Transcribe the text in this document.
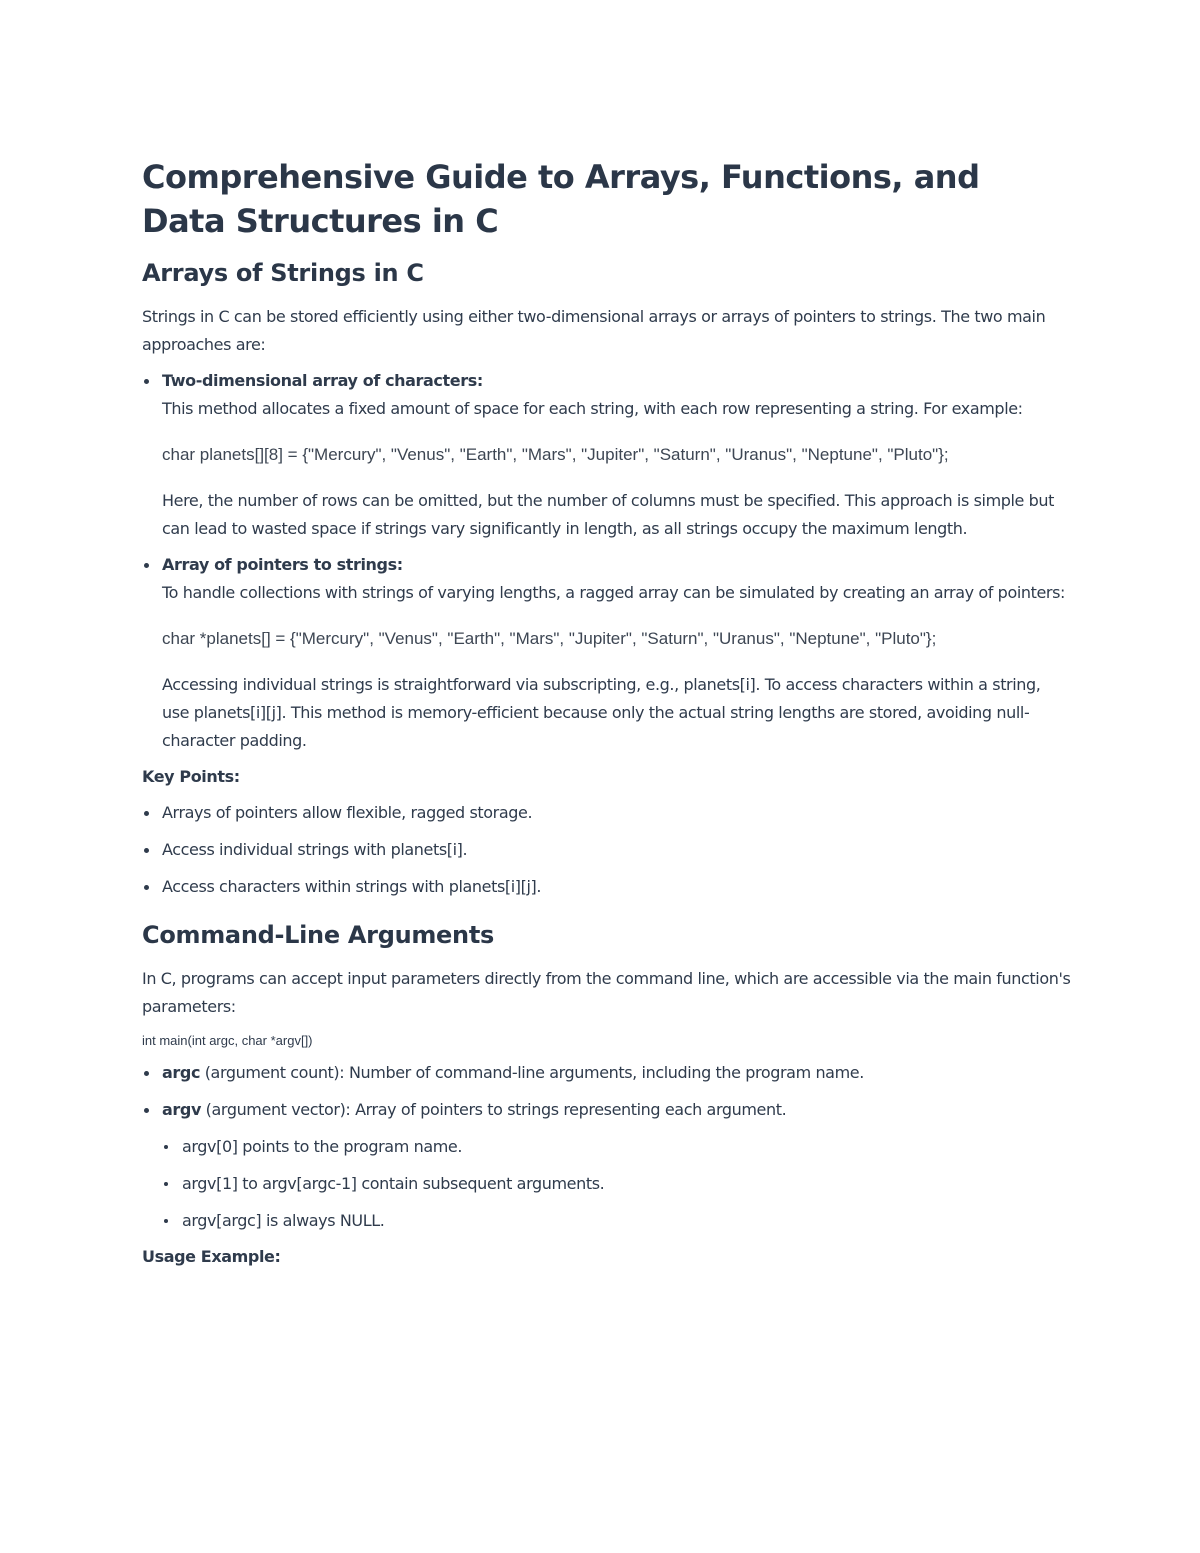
Comprehensive Guide to Arrays, Functions, and Data Structures in C
Arrays of Strings in C

Strings in C can be stored efficiently using either two-dimensional arrays or arrays of pointers to strings. The two main approaches are:

Two-dimensional array of characters:
This method allocates a fixed amount of space for each string, with each row representing a string. For example:
char planets[][8] = {"Mercury", "Venus", "Earth", "Mars", "Jupiter", "Saturn", "Uranus", "Neptune", "Pluto"};
Here, the number of rows can be omitted, but the number of columns must be specified. This approach is simple but can lead to wasted space if strings vary significantly in length, as all strings occupy the maximum length.
Array of pointers to strings:
To handle collections with strings of varying lengths, a ragged array can be simulated by creating an array of pointers:
char *planets[] = {"Mercury", "Venus", "Earth", "Mars", "Jupiter", "Saturn", "Uranus", "Neptune", "Pluto"};
Accessing individual strings is straightforward via subscripting, e.g., planets[i]. To access characters within a string, use planets[i][j]. This method is memory-efficient because only the actual string lengths are stored, avoiding null-character padding.

Key Points:

Arrays of pointers allow flexible, ragged storage.
Access individual strings with planets[i].
Access characters within strings with planets[i][j].
Command-Line Arguments

In C, programs can accept input parameters directly from the command line, which are accessible via the main function's parameters:

int main(int argc, char *argv[])
argc (argument count): Number of command-line arguments, including the program name.
argv (argument vector): Array of pointers to strings representing each argument.
argv[0] points to the program name.
argv[1] to argv[argc-1] contain subsequent arguments.
argv[argc] is always NULL.

Usage Example:
